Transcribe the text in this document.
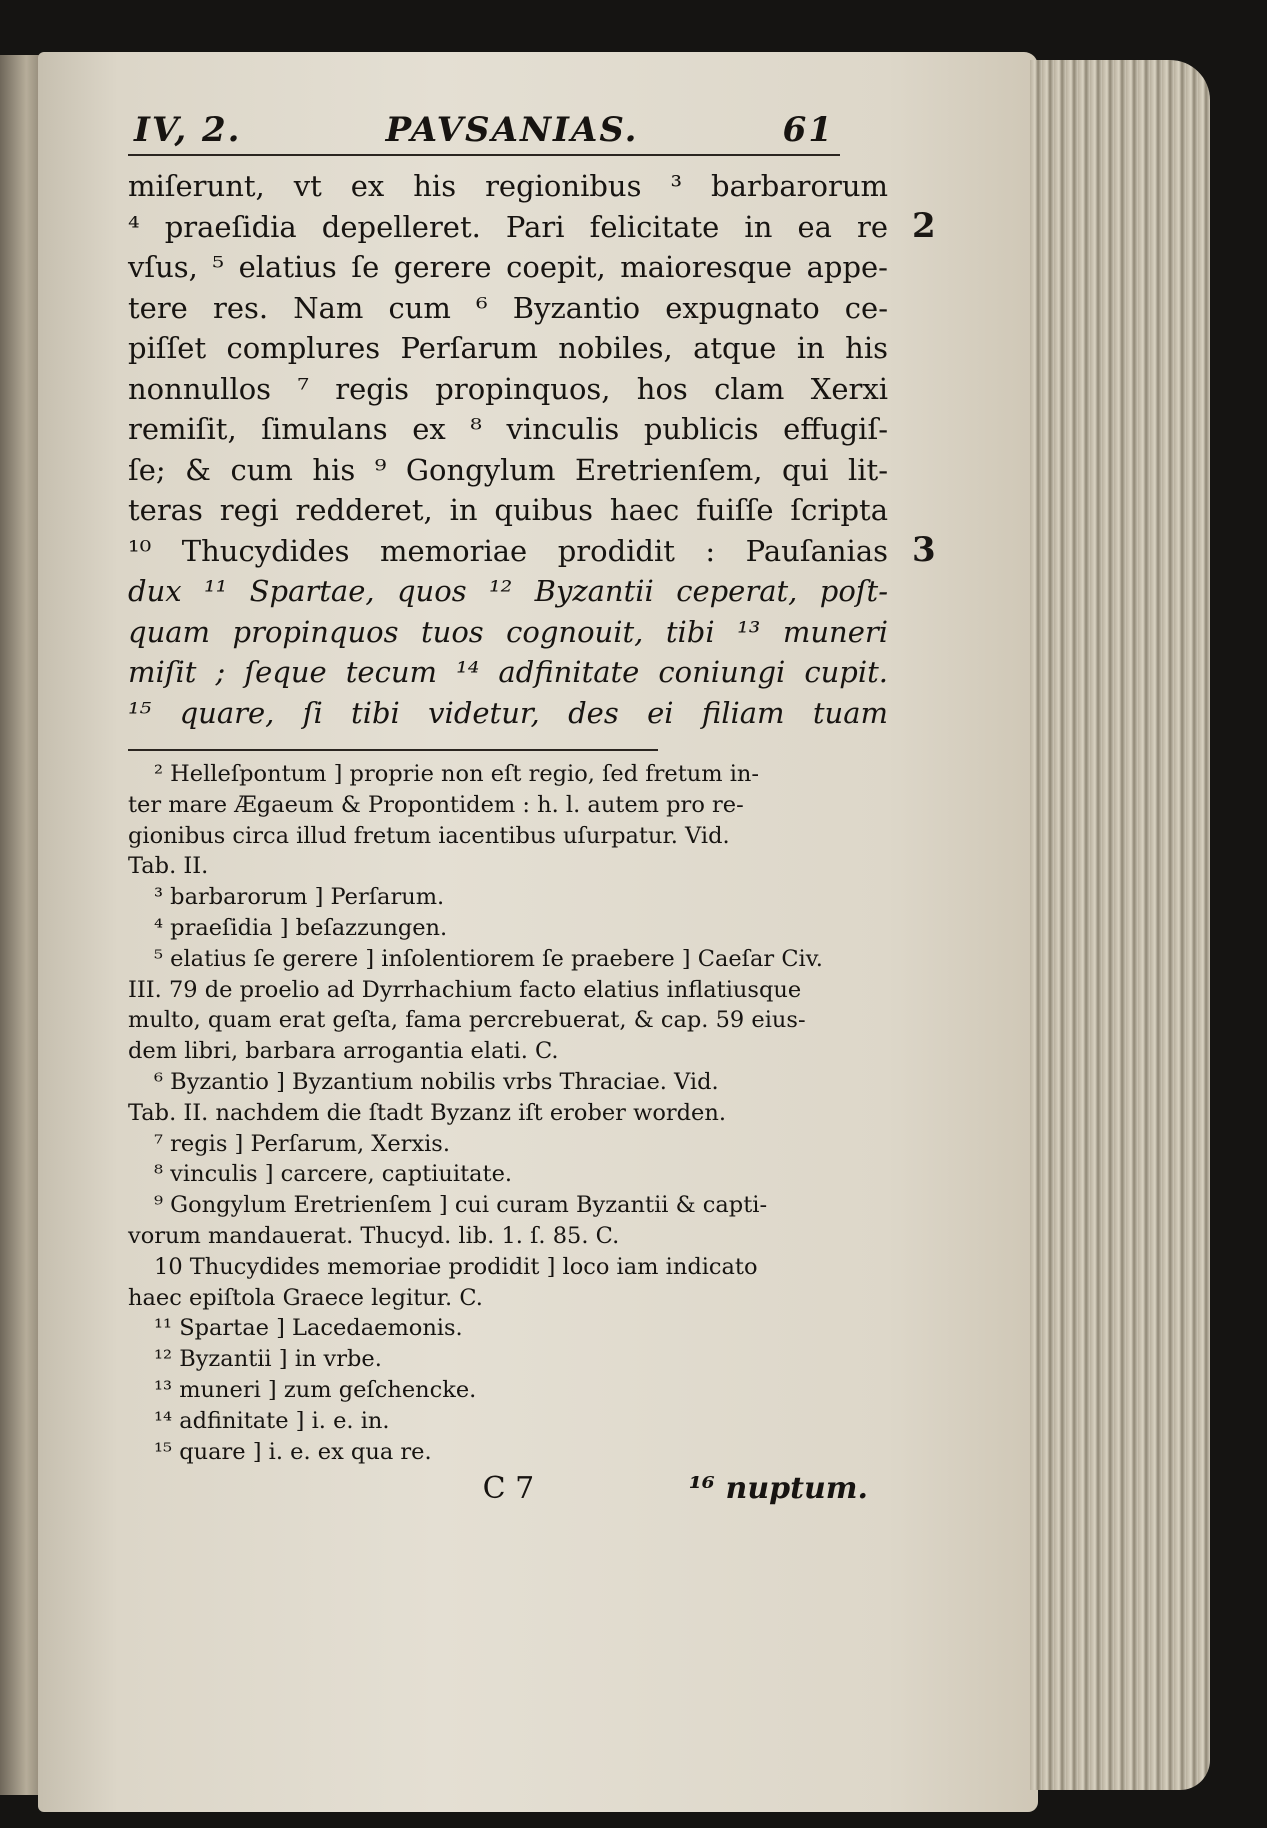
IV, 2.	PAVSANIAS.	61
2
3
miſerunt, vt ex his regionibus ³ barbarorum
⁴ praeſidia depelleret. Pari felicitate in ea re
vſus, ⁵ elatius ſe gerere coepit, maioresque appe-
tere res. Nam cum ⁶ Byzantio expugnato ce-
piſſet complures Perſarum nobiles, atque in his
nonnullos ⁷ regis propinquos, hos clam Xerxi
remiſit, ſimulans ex ⁸ vinculis publicis effugiſ-
ſe; & cum his ⁹ Gongylum Eretrienſem, qui lit-
teras regi redderet, in quibus haec fuiſſe ſcripta
¹⁰ Thucydides memoriae prodidit : Pauſanias
dux ¹¹ Spartae, quos ¹² Byzantii ceperat, poſt-
quam propinquos tuos cognouit, tibi ¹³ muneri
miſit ; ſeque tecum ¹⁴ adfinitate coniungi cupit.
¹⁵ quare, ſi tibi videtur, des ei filiam tuam
² Helleſpontum ] proprie non eſt regio, ſed fretum in-
ter mare Ægaeum & Propontidem : h. l. autem pro re-
gionibus circa illud fretum iacentibus uſurpatur. Vid.
Tab. II.
³ barbarorum ] Perſarum.
⁴ praeſidia ] beſazzungen.
⁵ elatius ſe gerere ] inſolentiorem ſe praebere ] Caeſar Civ.
III. 79 de proelio ad Dyrrhachium facto elatius inflatiusque
multo, quam erat geſta, fama percrebuerat, & cap. 59 eius-
dem libri, barbara arrogantia elati. C.
⁶ Byzantio ] Byzantium nobilis vrbs Thraciae. Vid.
Tab. II. nachdem die ſtadt Byzanz iſt erober worden.
⁷ regis ] Perſarum, Xerxis.
⁸ vinculis ] carcere, captiuitate.
⁹ Gongylum Eretrienſem ] cui curam Byzantii & capti-
vorum mandauerat. Thucyd. lib. 1. ſ. 85. C.
10 Thucydides memoriae prodidit ] loco iam indicato
haec epiſtola Graece legitur. C.
¹¹ Spartae ] Lacedaemonis.
¹² Byzantii ] in vrbe.
¹³ muneri ] zum geſchencke.
¹⁴ adfinitate ] i. e. in.
¹⁵ quare ] i. e. ex qua re.
C 7	¹⁶ nuptum.
